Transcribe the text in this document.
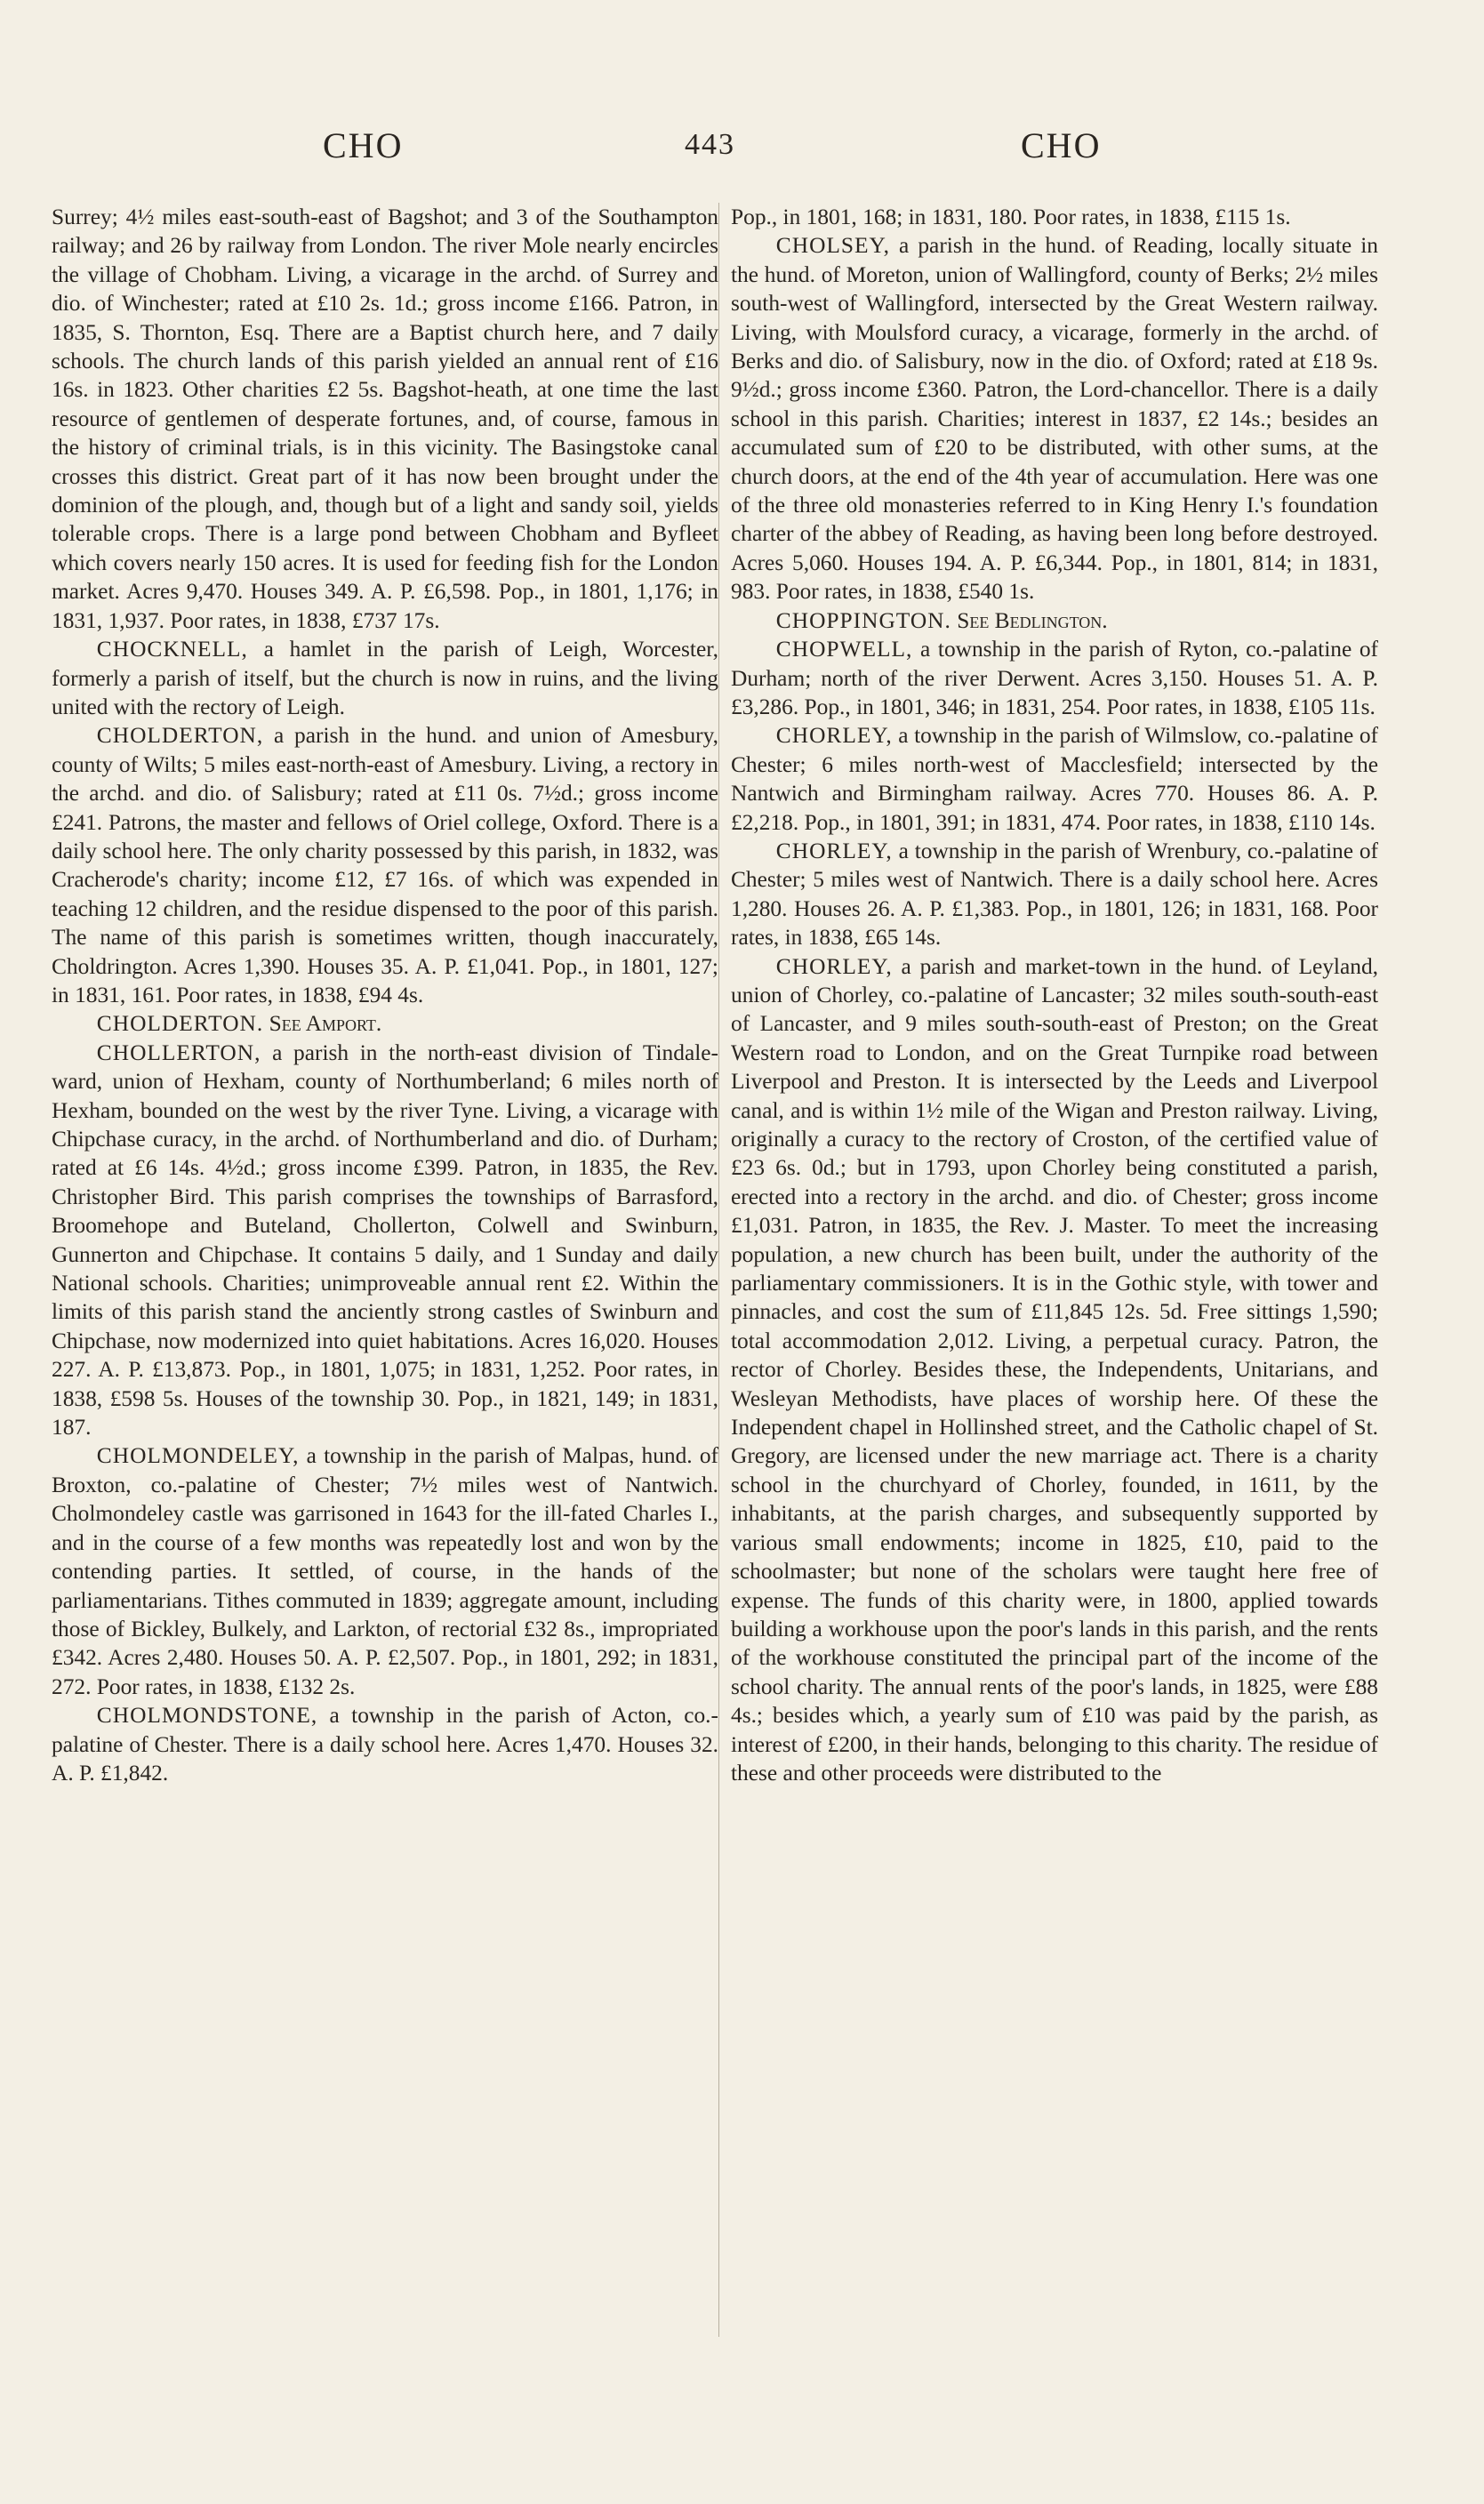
CHO	443	CHO

Surrey; 4½ miles east-south-east of Bagshot; and 3 of the Southampton railway; and 26 by railway from London. The river Mole nearly encircles the village of Chobham. Living, a vicarage in the archd. of Surrey and dio. of Winchester; rated at £10 2s. 1d.; gross income £166. Patron, in 1835, S. Thornton, Esq. There are a Baptist church here, and 7 daily schools. The church lands of this parish yielded an annual rent of £16 16s. in 1823. Other charities £2 5s. Bagshot-heath, at one time the last resource of gentlemen of desperate fortunes, and, of course, famous in the history of criminal trials, is in this vicinity. The Basingstoke canal crosses this district. Great part of it has now been brought under the dominion of the plough, and, though but of a light and sandy soil, yields tolerable crops. There is a large pond between Chobham and Byfleet which covers nearly 150 acres. It is used for feeding fish for the London market. Acres 9,470. Houses 349. A. P. £6,598. Pop., in 1801, 1,176; in 1831, 1,937. Poor rates, in 1838, £737 17s.

CHOCKNELL, a hamlet in the parish of Leigh, Worcester, formerly a parish of itself, but the church is now in ruins, and the living united with the rectory of Leigh.

CHOLDERTON, a parish in the hund. and union of Amesbury, county of Wilts; 5 miles east-north-east of Amesbury. Living, a rectory in the archd. and dio. of Salisbury; rated at £11 0s. 7½d.; gross income £241. Patrons, the master and fellows of Oriel college, Oxford. There is a daily school here. The only charity possessed by this parish, in 1832, was Cracherode's charity; income £12, £7 16s. of which was expended in teaching 12 children, and the residue dispensed to the poor of this parish. The name of this parish is sometimes written, though inaccurately, Choldrington. Acres 1,390. Houses 35. A. P. £1,041. Pop., in 1801, 127; in 1831, 161. Poor rates, in 1838, £94 4s.

CHOLDERTON. See Amport.

CHOLLERTON, a parish in the north-east division of Tindale-ward, union of Hexham, county of Northumberland; 6 miles north of Hexham, bounded on the west by the river Tyne. Living, a vicarage with Chipchase curacy, in the archd. of Northumberland and dio. of Durham; rated at £6 14s. 4½d.; gross income £399. Patron, in 1835, the Rev. Christopher Bird. This parish comprises the townships of Barrasford, Broomehope and Buteland, Chollerton, Colwell and Swinburn, Gunnerton and Chipchase. It contains 5 daily, and 1 Sunday and daily National schools. Charities; unimproveable annual rent £2. Within the limits of this parish stand the anciently strong castles of Swinburn and Chipchase, now modernized into quiet habitations. Acres 16,020. Houses 227. A. P. £13,873. Pop., in 1801, 1,075; in 1831, 1,252. Poor rates, in 1838, £598 5s. Houses of the township 30. Pop., in 1821, 149; in 1831, 187.

CHOLMONDELEY, a township in the parish of Malpas, hund. of Broxton, co.-palatine of Chester; 7½ miles west of Nantwich. Cholmondeley castle was garrisoned in 1643 for the ill-fated Charles I., and in the course of a few months was repeatedly lost and won by the contending parties. It settled, of course, in the hands of the parliamentarians. Tithes commuted in 1839; aggregate amount, including those of Bickley, Bulkely, and Larkton, of rectorial £32 8s., impropriated £342. Acres 2,480. Houses 50. A. P. £2,507. Pop., in 1801, 292; in 1831, 272. Poor rates, in 1838, £132 2s.

CHOLMONDSTONE, a township in the parish of Acton, co.-palatine of Chester. There is a daily school here. Acres 1,470. Houses 32. A. P. £1,842.

Pop., in 1801, 168; in 1831, 180. Poor rates, in 1838, £115 1s.

CHOLSEY, a parish in the hund. of Reading, locally situate in the hund. of Moreton, union of Wallingford, county of Berks; 2½ miles south-west of Wallingford, intersected by the Great Western railway. Living, with Moulsford curacy, a vicarage, formerly in the archd. of Berks and dio. of Salisbury, now in the dio. of Oxford; rated at £18 9s. 9½d.; gross income £360. Patron, the Lord-chancellor. There is a daily school in this parish. Charities; interest in 1837, £2 14s.; besides an accumulated sum of £20 to be distributed, with other sums, at the church doors, at the end of the 4th year of accumulation. Here was one of the three old monasteries referred to in King Henry I.'s foundation charter of the abbey of Reading, as having been long before destroyed. Acres 5,060. Houses 194. A. P. £6,344. Pop., in 1801, 814; in 1831, 983. Poor rates, in 1838, £540 1s.

CHOPPINGTON. See Bedlington.

CHOPWELL, a township in the parish of Ryton, co.-palatine of Durham; north of the river Derwent. Acres 3,150. Houses 51. A. P. £3,286. Pop., in 1801, 346; in 1831, 254. Poor rates, in 1838, £105 11s.

CHORLEY, a township in the parish of Wilmslow, co.-palatine of Chester; 6 miles north-west of Macclesfield; intersected by the Nantwich and Birmingham railway. Acres 770. Houses 86. A. P. £2,218. Pop., in 1801, 391; in 1831, 474. Poor rates, in 1838, £110 14s.

CHORLEY, a township in the parish of Wrenbury, co.-palatine of Chester; 5 miles west of Nantwich. There is a daily school here. Acres 1,280. Houses 26. A. P. £1,383. Pop., in 1801, 126; in 1831, 168. Poor rates, in 1838, £65 14s.

CHORLEY, a parish and market-town in the hund. of Leyland, union of Chorley, co.-palatine of Lancaster; 32 miles south-south-east of Lancaster, and 9 miles south-south-east of Preston; on the Great Western road to London, and on the Great Turnpike road between Liverpool and Preston. It is intersected by the Leeds and Liverpool canal, and is within 1½ mile of the Wigan and Preston railway. Living, originally a curacy to the rectory of Croston, of the certified value of £23 6s. 0d.; but in 1793, upon Chorley being constituted a parish, erected into a rectory in the archd. and dio. of Chester; gross income £1,031. Patron, in 1835, the Rev. J. Master. To meet the increasing population, a new church has been built, under the authority of the parliamentary commissioners. It is in the Gothic style, with tower and pinnacles, and cost the sum of £11,845 12s. 5d. Free sittings 1,590; total accommodation 2,012. Living, a perpetual curacy. Patron, the rector of Chorley. Besides these, the Independents, Unitarians, and Wesleyan Methodists, have places of worship here. Of these the Independent chapel in Hollinshed street, and the Catholic chapel of St. Gregory, are licensed under the new marriage act. There is a charity school in the churchyard of Chorley, founded, in 1611, by the inhabitants, at the parish charges, and subsequently supported by various small endowments; income in 1825, £10, paid to the schoolmaster; but none of the scholars were taught here free of expense. The funds of this charity were, in 1800, applied towards building a workhouse upon the poor's lands in this parish, and the rents of the workhouse constituted the principal part of the income of the school charity. The annual rents of the poor's lands, in 1825, were £88 4s.; besides which, a yearly sum of £10 was paid by the parish, as interest of £200, in their hands, belonging to this charity. The residue of these and other proceeds were distributed to the
